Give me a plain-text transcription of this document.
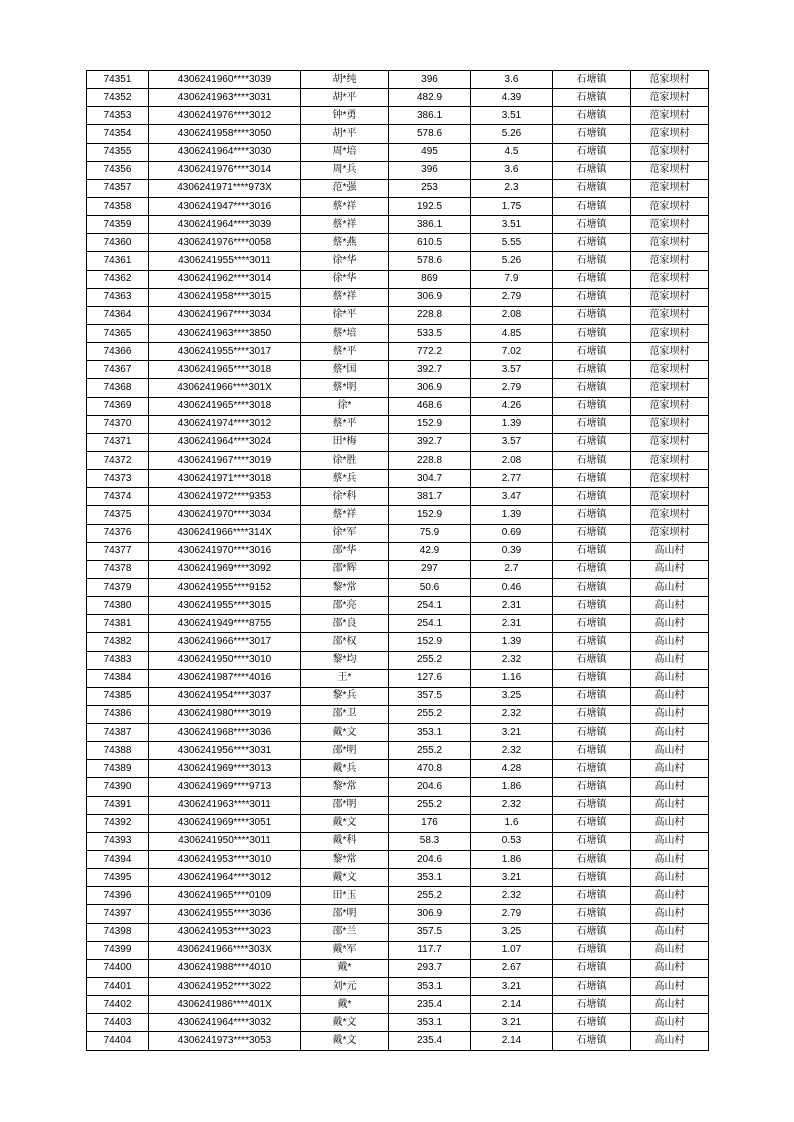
74351	4306241960****3039	胡*纯	396	3.6	石塘镇	范家坝村
74352	4306241963****3031	胡*平	482.9	4.39	石塘镇	范家坝村
74353	4306241976****3012	钟*勇	386.1	3.51	石塘镇	范家坝村
74354	4306241958****3050	胡*平	578.6	5.26	石塘镇	范家坝村
74355	4306241964****3030	周*培	495	4.5	石塘镇	范家坝村
74356	4306241976****3014	周*兵	396	3.6	石塘镇	范家坝村
74357	4306241971****973X	范*强	253	2.3	石塘镇	范家坝村
74358	4306241947****3016	蔡*祥	192.5	1.75	石塘镇	范家坝村
74359	4306241964****3039	蔡*祥	386.1	3.51	石塘镇	范家坝村
74360	4306241976****0058	蔡*燕	610.5	5.55	石塘镇	范家坝村
74361	4306241955****3011	徐*华	578.6	5.26	石塘镇	范家坝村
74362	4306241962****3014	徐*华	869	7.9	石塘镇	范家坝村
74363	4306241958****3015	蔡*祥	306.9	2.79	石塘镇	范家坝村
74364	4306241967****3034	徐*平	228.8	2.08	石塘镇	范家坝村
74365	4306241963****3850	蔡*培	533.5	4.85	石塘镇	范家坝村
74366	4306241955****3017	蔡*平	772.2	7.02	石塘镇	范家坝村
74367	4306241965****3018	蔡*国	392.7	3.57	石塘镇	范家坝村
74368	4306241966****301X	蔡*明	306.9	2.79	石塘镇	范家坝村
74369	4306241965****3018	徐*	468.6	4.26	石塘镇	范家坝村
74370	4306241974****3012	蔡*平	152.9	1.39	石塘镇	范家坝村
74371	4306241964****3024	田*梅	392.7	3.57	石塘镇	范家坝村
74372	4306241967****3019	徐*胜	228.8	2.08	石塘镇	范家坝村
74373	4306241971****3018	蔡*兵	304.7	2.77	石塘镇	范家坝村
74374	4306241972****9353	徐*科	381.7	3.47	石塘镇	范家坝村
74375	4306241970****3034	蔡*祥	152.9	1.39	石塘镇	范家坝村
74376	4306241966****314X	徐*军	75.9	0.69	石塘镇	范家坝村
74377	4306241970****3016	邵*华	42.9	0.39	石塘镇	高山村
74378	4306241969****3092	邵*辉	297	2.7	石塘镇	高山村
74379	4306241955****9152	黎*常	50.6	0.46	石塘镇	高山村
74380	4306241955****3015	邵*亮	254.1	2.31	石塘镇	高山村
74381	4306241949****8755	邵*良	254.1	2.31	石塘镇	高山村
74382	4306241966****3017	邵*权	152.9	1.39	石塘镇	高山村
74383	4306241950****3010	黎*均	255.2	2.32	石塘镇	高山村
74384	4306241987****4016	王*	127.6	1.16	石塘镇	高山村
74385	4306241954****3037	黎*兵	357.5	3.25	石塘镇	高山村
74386	4306241980****3019	邵*卫	255.2	2.32	石塘镇	高山村
74387	4306241968****3036	戴*文	353.1	3.21	石塘镇	高山村
74388	4306241956****3031	邵*明	255.2	2.32	石塘镇	高山村
74389	4306241969****3013	戴*兵	470.8	4.28	石塘镇	高山村
74390	4306241969****9713	黎*常	204.6	1.86	石塘镇	高山村
74391	4306241963****3011	邵*明	255.2	2.32	石塘镇	高山村
74392	4306241969****3051	戴*文	176	1.6	石塘镇	高山村
74393	4306241950****3011	戴*科	58.3	0.53	石塘镇	高山村
74394	4306241953****3010	黎*常	204.6	1.86	石塘镇	高山村
74395	4306241964****3012	戴*文	353.1	3.21	石塘镇	高山村
74396	4306241965****0109	田*玉	255.2	2.32	石塘镇	高山村
74397	4306241955****3036	邵*明	306.9	2.79	石塘镇	高山村
74398	4306241953****3023	邵*兰	357.5	3.25	石塘镇	高山村
74399	4306241966****303X	戴*军	117.7	1.07	石塘镇	高山村
74400	4306241988****4010	戴*	293.7	2.67	石塘镇	高山村
74401	4306241952****3022	刘*元	353.1	3.21	石塘镇	高山村
74402	4306241986****401X	戴*	235.4	2.14	石塘镇	高山村
74403	4306241964****3032	戴*文	353.1	3.21	石塘镇	高山村
74404	4306241973****3053	戴*文	235.4	2.14	石塘镇	高山村
